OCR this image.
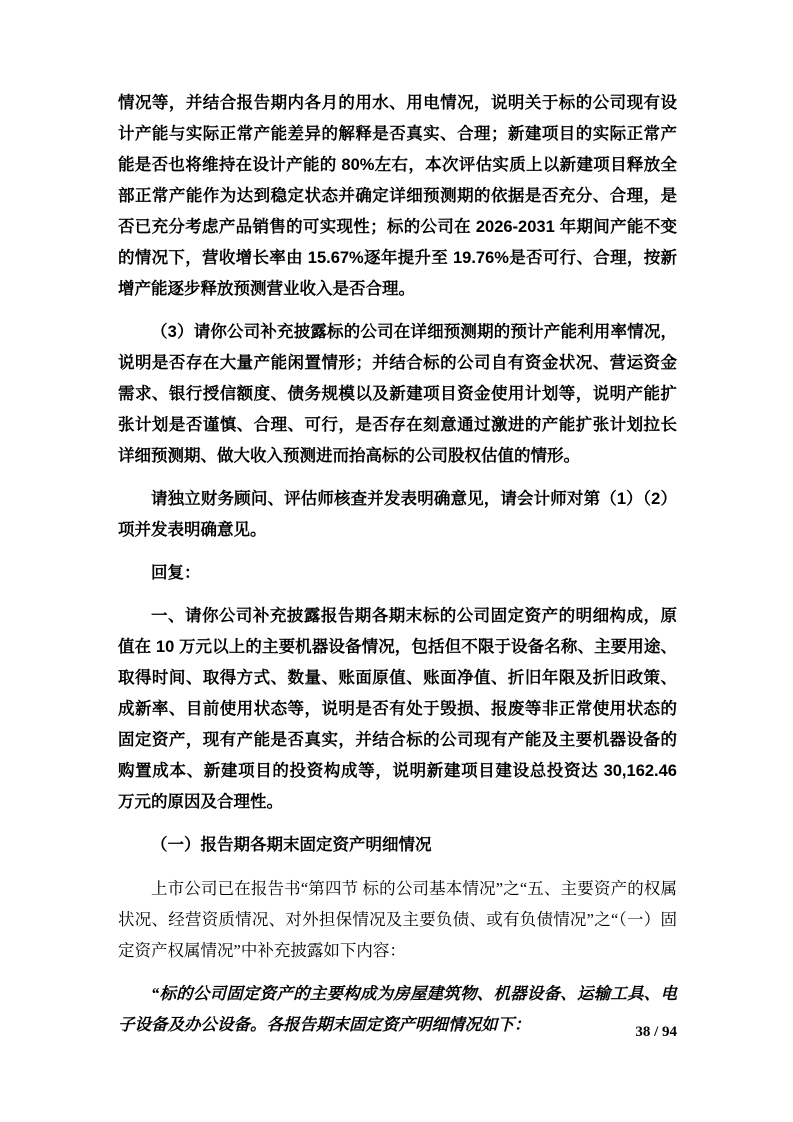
情况等，并结合报告期内各月的用水、用电情况，说明关于标的公司现有设计产能与实际正常产能差异的解释是否真实、合理；新建项目的实际正常产能是否也将维持在设计产能的 80%左右，本次评估实质上以新建项目释放全部正常产能作为达到稳定状态并确定详细预测期的依据是否充分、合理，是否已充分考虑产品销售的可实现性；标的公司在 2026-2031 年期间产能不变的情况下，营收增长率由 15.67%逐年提升至 19.76%是否可行、合理，按新增产能逐步释放预测营业收入是否合理。

（3）请你公司补充披露标的公司在详细预测期的预计产能利用率情况，说明是否存在大量产能闲置情形；并结合标的公司自有资金状况、营运资金需求、银行授信额度、债务规模以及新建项目资金使用计划等，说明产能扩张计划是否谨慎、合理、可行，是否存在刻意通过激进的产能扩张计划拉长详细预测期、做大收入预测进而抬高标的公司股权估值的情形。

请独立财务顾问、评估师核查并发表明确意见，请会计师对第（1）（2）项并发表明确意见。

回复：

一、请你公司补充披露报告期各期末标的公司固定资产的明细构成，原值在 10 万元以上的主要机器设备情况，包括但不限于设备名称、主要用途、取得时间、取得方式、数量、账面原值、账面净值、折旧年限及折旧政策、成新率、目前使用状态等，说明是否有处于毁损、报废等非正常使用状态的固定资产，现有产能是否真实，并结合标的公司现有产能及主要机器设备的购置成本、新建项目的投资构成等，说明新建项目建设总投资达 30,162.46 万元的原因及合理性。

（一）报告期各期末固定资产明细情况

上市公司已在报告书“第四节 标的公司基本情况”之“五、主要资产的权属状况、经营资质情况、对外担保情况及主要负债、或有负债情况”之“（一）固定资产权属情况”中补充披露如下内容：

“标的公司固定资产的主要构成为房屋建筑物、机器设备、运输工具、电子设备及办公设备。各报告期末固定资产明细情况如下：	38 / 94
